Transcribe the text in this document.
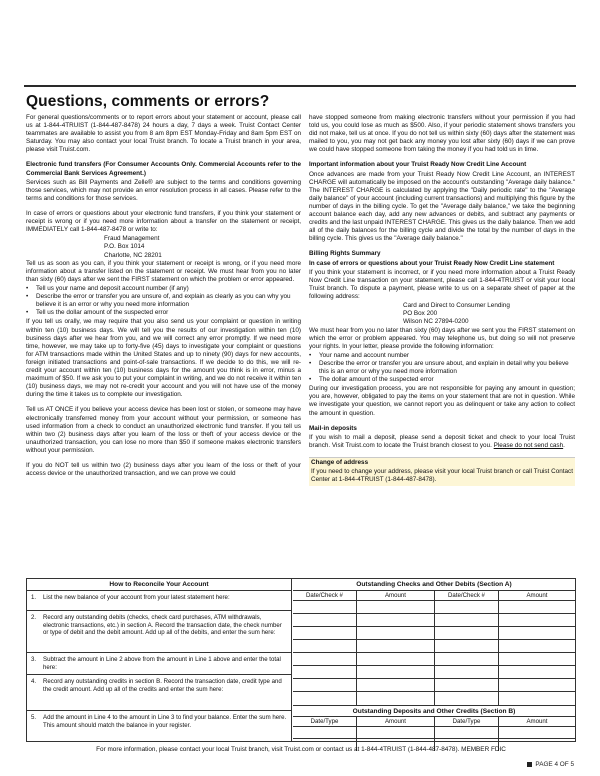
Questions, comments or errors?

For general questions/comments or to report errors about your statement or account, please call us at 1-844-4TRUIST (1-844-487-8478) 24 hours a day, 7 days a week. Truist Contact Center teammates are available to assist you from 8 am 8pm EST Monday-Friday and 8am 5pm EST on Saturday. You may also contact your local Truist branch. To locate a Truist branch in your area, please visit Truist.com.

Electronic fund transfers (For Consumer Accounts Only. Commercial Accounts refer to the Commercial Bank Services Agreement.)

Services such as Bill Payments and Zelle® are subject to the terms and conditions governing those services, which may not provide an error resolution process in all cases. Please refer to the terms and conditions for those services.

In case of errors or questions about your electronic fund transfers, if you think your statement or receipt is wrong or if you need more information about a transfer on the statement or receipt, IMMEDIATELY call 1-844-487-8478 or write to:

Fraud Management
P.O. Box 1014
Charlotte, NC 28201

Tell us as soon as you can, if you think your statement or receipt is wrong, or if you need more information about a transfer listed on the statement or receipt. We must hear from you no later than sixty (60) days after we sent the FIRST statement on which the problem or error appeared.

• Tell us your name and deposit account number (if any)
• Describe the error or transfer you are unsure of, and explain as clearly as you can why you believe it is an error or why you need more information
• Tell us the dollar amount of the suspected error

If you tell us orally, we may require that you also send us your complaint or question in writing within ten (10) business days. We will tell you the results of our investigation within ten (10) business days after we hear from you, and we will correct any error promptly. If we need more time, however, we may take up to forty-five (45) days to investigate your complaint or questions for ATM transactions made within the United States and up to ninety (90) days for new accounts, foreign initiated transactions and point-of-sale transactions. If we decide to do this, we will re-credit your account within ten (10) business days for the amount you think is in error, minus a maximum of $50. If we ask you to put your complaint in writing, and we do not receive it within ten (10) business days, we may not re-credit your account and you will not have use of the money during the time it takes us to complete our investigation.

Tell us AT ONCE if you believe your access device has been lost or stolen, or someone may have electronically transferred money from your account without your permission, or someone has used information from a check to conduct an unauthorized electronic fund transfer. If you tell us within two (2) business days after you learn of the loss or theft of your access device or the unauthorized transaction, you can lose no more than $50 if someone makes electronic transfers without your permission.

If you do NOT tell us within two (2) business days after you learn of the loss or theft of your access device or the unauthorized transaction, and we can prove we could

have stopped someone from making electronic transfers without your permission if you had told us, you could lose as much as $500. Also, if your periodic statement shows transfers you did not make, tell us at once. If you do not tell us within sixty (60) days after the statement was mailed to you, you may not get back any money you lost after sixty (60) days if we can prove we could have stopped someone from taking the money if you had told us in time.

Important information about your Truist Ready Now Credit Line Account

Once advances are made from your Truist Ready Now Credit Line Account, an INTEREST CHARGE will automatically be imposed on the account's outstanding "Average daily balance." The INTEREST CHARGE is calculated by applying the "Daily periodic rate" to the "Average daily balance" of your account (including current transactions) and multiplying this figure by the number of days in the billing cycle. To get the "Average daily balance," we take the beginning account balance each day, add any new advances or debits, and subtract any payments or credits and the last unpaid INTEREST CHARGE. This gives us the daily balance. Then we add all of the daily balances for the billing cycle and divide the total by the number of days in the billing cycle. This gives us the "Average daily balance."

Billing Rights Summary

In case of errors or questions about your Truist Ready Now Credit Line statement

If you think your statement is incorrect, or if you need more information about a Truist Ready Now Credit Line transaction on your statement, please call 1-844-4TRUIST or visit your local Truist branch. To dispute a payment, please write to us on a separate sheet of paper at the following address:

Card and Direct to Consumer Lending
PO Box 200
Wilson NC 27894-0200

We must hear from you no later than sixty (60) days after we sent you the FIRST statement on which the error or problem appeared. You may telephone us, but doing so will not preserve your rights. In your letter, please provide the following information:

• Your name and account number
• Describe the error or transfer you are unsure about, and explain in detail why you believe this is an error or why you need more information
• The dollar amount of the suspected error

During our investigation process, you are not responsible for paying any amount in question; you are, however, obligated to pay the items on your statement that are not in question. While we investigate your question, we cannot report you as delinquent or take any action to collect the amount in question.

Mail-in deposits

If you wish to mail a deposit, please send a deposit ticket and check to your local Truist branch. Visit Truist.com to locate the Truist branch closest to you. Please do not send cash.

Change of address

If you need to change your address, please visit your local Truist branch or call Truist Contact Center at 1-844-4TRUIST (1-844-487-8478).

How to Reconcile Your Account
1.	List the new balance of your account from your latest statement here:
2.	Record any outstanding debits (checks, check card purchases, ATM withdrawals, electronic transactions, etc.) in section A. Record the transaction date, the check number or type of debit and the debit amount. Add up all of the debits, and enter the sum here:
3.	Subtract the amount in Line 2 above from the amount in Line 1 above and enter the total here:
4.	Record any outstanding credits in section B. Record the transaction date, credit type and the credit amount. Add up all of the credits and enter the sum here:
5.	Add the amount in Line 4 to the amount in Line 3 to find your balance. Enter the sum here. This amount should match the balance in your register.
Outstanding Checks and Other Debits (Section A)
Date/Check #	Amount	Date/Check #	Amount
Outstanding Deposits and Other Credits (Section B)
Date/Type	Amount	Date/Type	Amount
For more information, please contact your local Truist branch, visit Truist.com or contact us at 1-844-4TRUIST (1-844-487-8478). MEMBER FDIC
PAGE 4 OF 5
